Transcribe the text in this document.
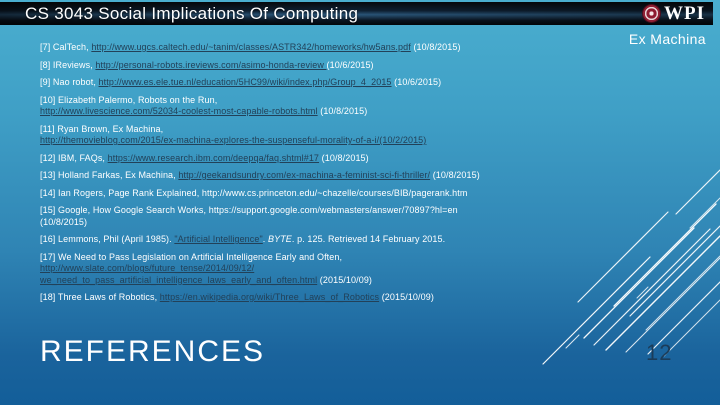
CS 3043 Social Implications Of Computing	WPI
Ex Machina

[7] CalTech, http://www.ugcs.caltech.edu/~tanim/classes/ASTR342/homeworks/hw5ans.pdf (10/8/2015)

[8] IReviews, http://personal-robots.ireviews.com/asimo-honda-review (10/6/2015)

[9] Nao robot, http://www.es.ele.tue.nl/education/5HC99/wiki/index.php/Group_4_2015 (10/6/2015)

[10] Elizabeth Palermo, Robots on the Run,
http://www.livescience.com/52034-coolest-most-capable-robots.html (10/8/2015)

[11] Ryan Brown, Ex Machina,
http://themovieblog.com/2015/ex-machina-explores-the-suspenseful-morality-of-a-i/(10/2/2015)

[12] IBM, FAQs, https://www.research.ibm.com/deepqa/faq.shtml#17 (10/8/2015)

[13] Holland Farkas, Ex Machina, http://geekandsundry.com/ex-machina-a-feminist-sci-fi-thriller/ (10/8/2015)

[14] Ian Rogers, Page Rank Explained, http://www.cs.princeton.edu/~chazelle/courses/BIB/pagerank.htm

[15] Google, How Google Search Works, https://support.google.com/webmasters/answer/70897?hl=en
(10/8/2015)

[16] Lemmons, Phil (April 1985). "Artificial Intelligence". BYTE. p. 125. Retrieved 14 February 2015.

[17] We Need to Pass Legislation on Artificial Intelligence Early and Often,
http://www.slate.com/blogs/future_tense/2014/09/12/
we_need_to_pass_artificial_intelligence_laws_early_and_often.html (2015/10/09)

[18] Three Laws of Robotics, https://en.wikipedia.org/wiki/Three_Laws_of_Robotics (2015/10/09)

REFERENCES	12
